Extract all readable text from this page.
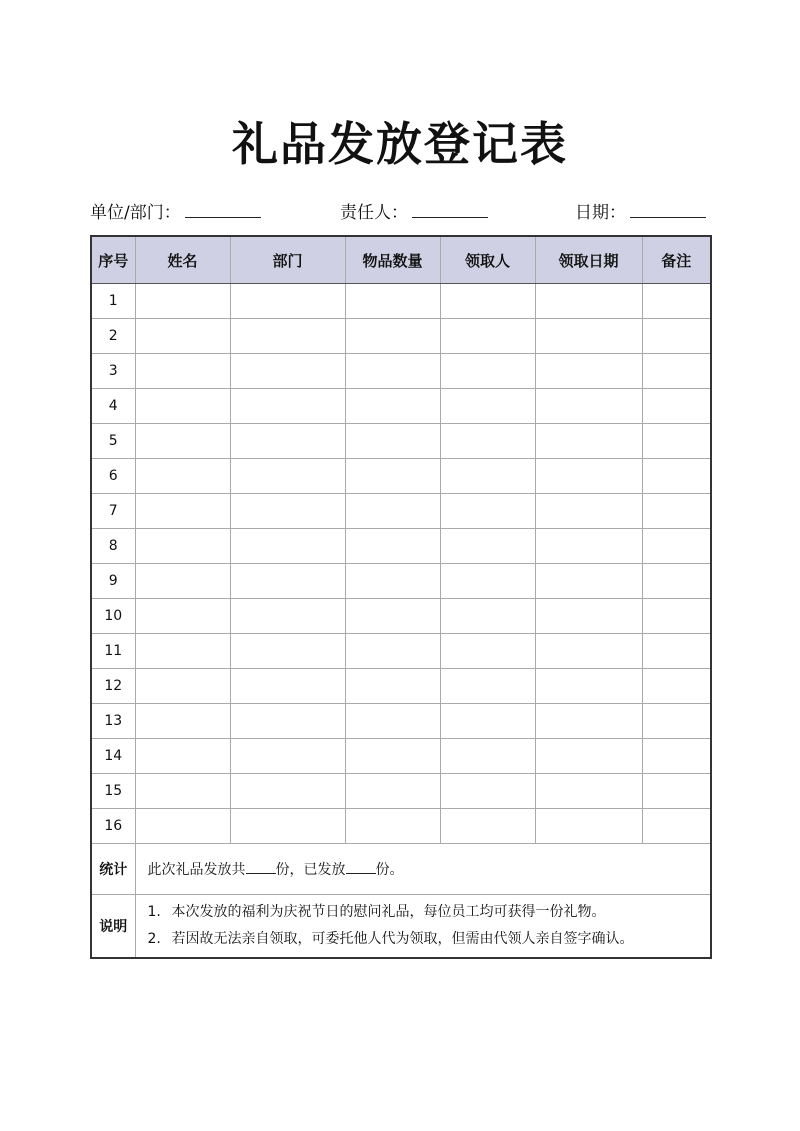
礼品发放登记表
单位/部门：	责任人：	日期：
序号	姓名	部门	物品数量	领取人	领取日期	备注
1						
2						
3						
4						
5						
6						
7						
8						
9						
10						
11						
12						
13						
14						
15						
16						
统计	此次礼品发放共 份，已发放 份。					
说明	1. 本次发放的福利为庆祝节日的慰问礼品，每位员工均可获得一份礼物。
2. 若因故无法亲自领取，可委托他人代为领取，但需由代领人亲自签字确认。					
